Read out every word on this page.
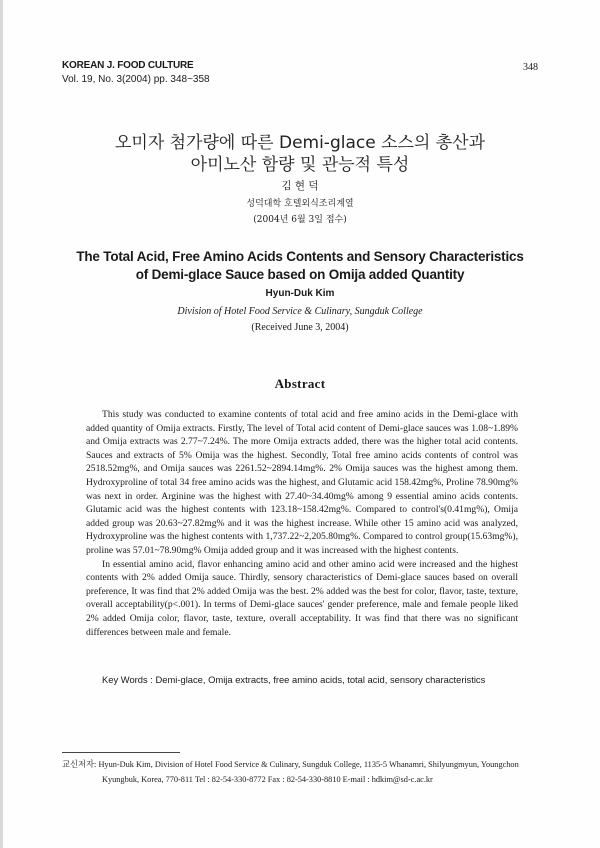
KOREAN J. FOOD CULTURE
Vol. 19, No. 3(2004) pp. 348~358
348
오미자 첨가량에 따른 Demi-glace 소스의 총산과
아미노산 함량 및 관능적 특성
김 현 덕
성덕대학 호텔외식조리계열
(2004년 6월 3일 접수)
The Total Acid, Free Amino Acids Contents and Sensory Characteristics
of Demi-glace Sauce based on Omija added Quantity
Hyun-Duk Kim
Division of Hotel Food Service & Culinary, Sungduk College
(Received June 3, 2004)
Abstract

This study was conducted to examine contents of total acid and free amino acids in the Demi-glace with added quantity of Omija extracts. Firstly, The level of Total acid content of Demi-glace sauces was 1.08~1.89% and Omija extracts was 2.77~7.24%. The more Omija extracts added, there was the higher total acid contents. Sauces and extracts of 5% Omija was the highest. Secondly, Total free amino acids contents of control was 2518.52mg%, and Omija sauces was 2261.52~2894.14mg%. 2% Omija sauces was the highest among them. Hydroxyproline of total 34 free amino acids was the highest, and Glutamic acid 158.42mg%, Proline 78.90mg% was next in order. Arginine was the highest with 27.40~34.40mg% among 9 essential amino acids contents. Glutamic acid was the highest contents with 123.18~158.42mg%. Compared to control's(0.41mg%), Omija added group was 20.63~27.82mg% and it was the highest increase. While other 15 amino acid was analyzed, Hydroxyproline was the highest contents with 1,737.22~2,205.80mg%. Compared to control group(15.63mg%), proline was 57.01~78.90mg% Omija added group and it was increased with the highest contents.

In essential amino acid, flavor enhancing amino acid and other amino acid were increased and the highest contents with 2% added Omija sauce. Thirdly, sensory characteristics of Demi-glace sauces based on overall preference, It was find that 2% added Omija was the best. 2% added was the best for color, flavor, taste, texture, overall acceptability(p<.001). In terms of Demi-glace sauces' gender preference, male and female people liked 2% added Omija color, flavor, taste, texture, overall acceptability. It was find that there was no significant differences between male and female.

Key Words : Demi-glace, Omija extracts, free amino acids, total acid, sensory characteristics
교신저자: Hyun-Duk Kim, Division of Hotel Food Service & Culinary, Sungduk College, 1135-5 Whanamri, Shilyungmyun, Youngchon
Kyungbuk, Korea, 770-811 Tel : 82-54-330-8772 Fax : 82-54-330-8810 E-mail : hdkim@sd-c.ac.kr
